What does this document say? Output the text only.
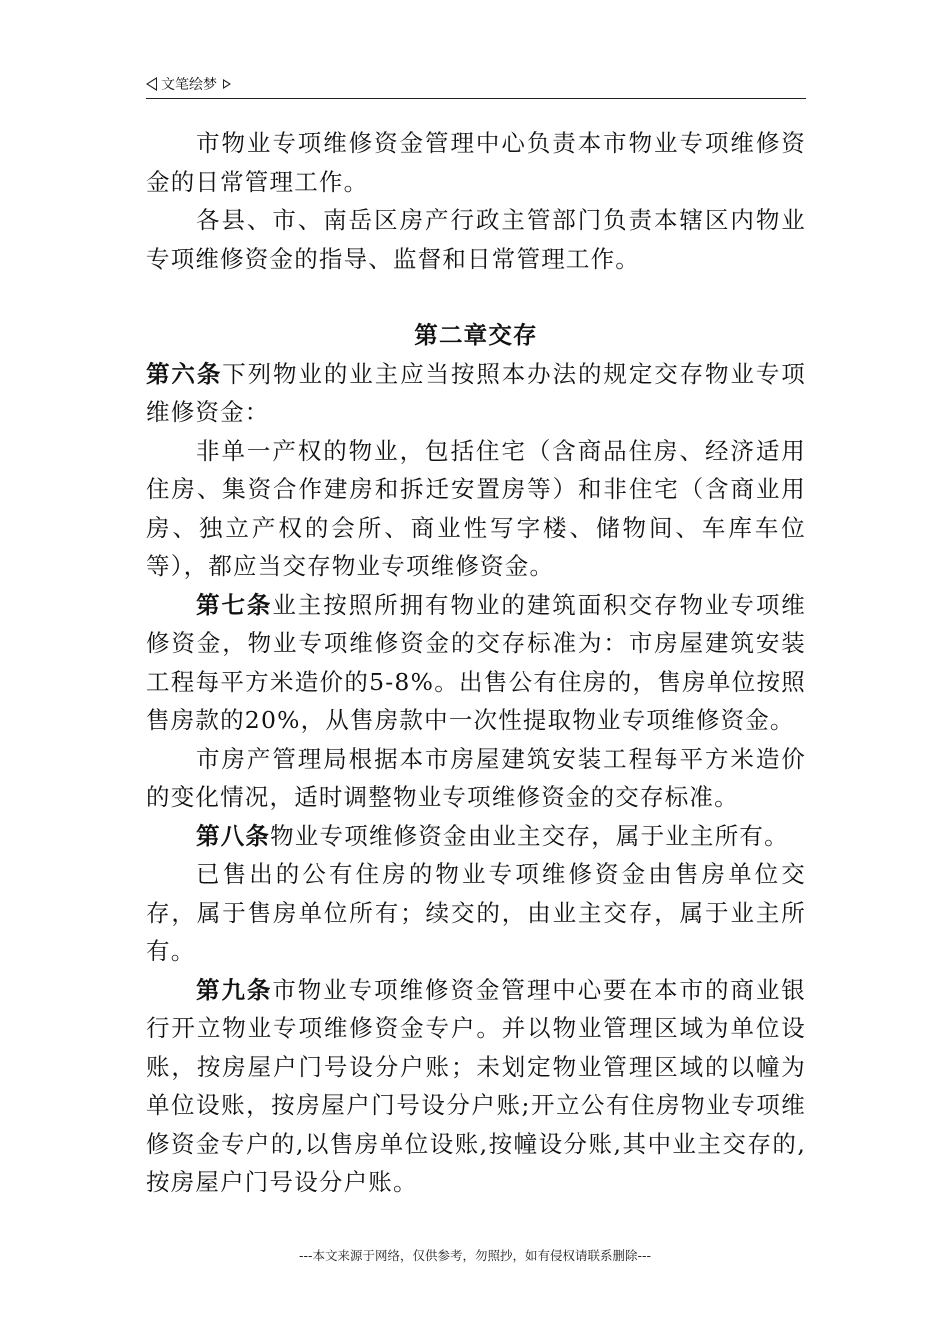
文笔绘梦

市物业专项维修资金管理中心负责本市物业专项维修资金的日常管理工作。

各县、市、南岳区房产行政主管部门负责本辖区内物业专项维修资金的指导、监督和日常管理工作。

第二章交存

第六条下列物业的业主应当按照本办法的规定交存物业专项维修资金：

非单一产权的物业，包括住宅（含商品住房、经济适用住房、集资合作建房和拆迁安置房等）和非住宅（含商业用房、独立产权的会所、商业性写字楼、储物间、车库车位等），都应当交存物业专项维修资金。

第七条业主按照所拥有物业的建筑面积交存物业专项维修资金，物业专项维修资金的交存标准为：市房屋建筑安装工程每平方米造价的5-8%。出售公有住房的，售房单位按照售房款的20%，从售房款中一次性提取物业专项维修资金。

市房产管理局根据本市房屋建筑安装工程每平方米造价的变化情况，适时调整物业专项维修资金的交存标准。

第八条物业专项维修资金由业主交存，属于业主所有。

已售出的公有住房的物业专项维修资金由售房单位交存，属于售房单位所有；续交的，由业主交存，属于业主所有。

第九条市物业专项维修资金管理中心要在本市的商业银行开立物业专项维修资金专户。并以物业管理区域为单位设账，按房屋户门号设分户账；未划定物业管理区域的以幢为单位设账，按房屋户门号设分户账;开立公有住房物业专项维修资金专户的,以售房单位设账,按幢设分账,其中业主交存的,按房屋户门号设分户账。

---本文来源于网络，仅供参考，勿照抄，如有侵权请联系删除---
